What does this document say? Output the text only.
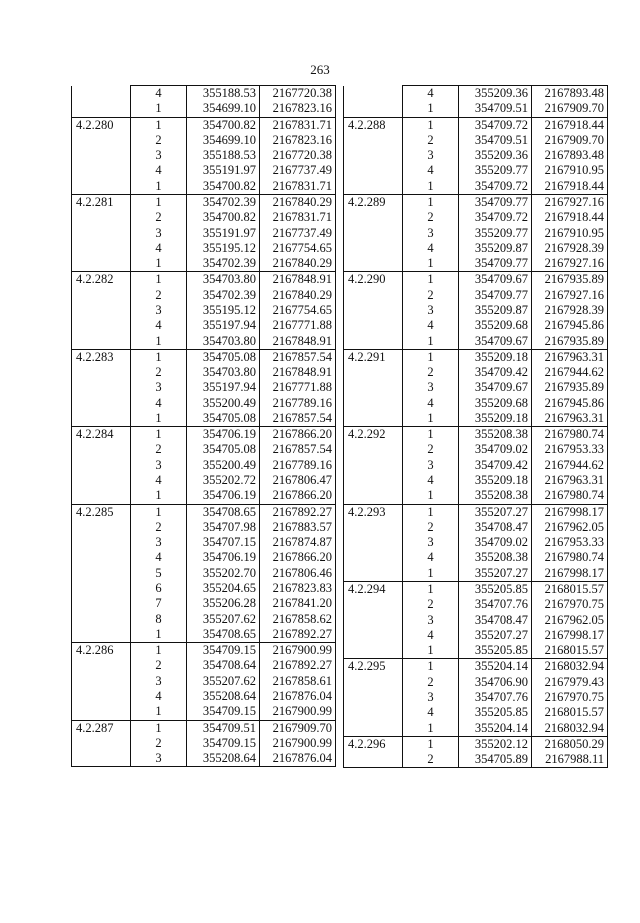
263
	4	355188.53	2167720.38
	1	354699.10	2167823.16
4.2.280	1	354700.82	2167831.71
	2	354699.10	2167823.16
	3	355188.53	2167720.38
	4	355191.97	2167737.49
	1	354700.82	2167831.71
4.2.281	1	354702.39	2167840.29
	2	354700.82	2167831.71
	3	355191.97	2167737.49
	4	355195.12	2167754.65
	1	354702.39	2167840.29
4.2.282	1	354703.80	2167848.91
	2	354702.39	2167840.29
	3	355195.12	2167754.65
	4	355197.94	2167771.88
	1	354703.80	2167848.91
4.2.283	1	354705.08	2167857.54
	2	354703.80	2167848.91
	3	355197.94	2167771.88
	4	355200.49	2167789.16
	1	354705.08	2167857.54
4.2.284	1	354706.19	2167866.20
	2	354705.08	2167857.54
	3	355200.49	2167789.16
	4	355202.72	2167806.47
	1	354706.19	2167866.20
4.2.285	1	354708.65	2167892.27
	2	354707.98	2167883.57
	3	354707.15	2167874.87
	4	354706.19	2167866.20
	5	355202.70	2167806.46
	6	355204.65	2167823.83
	7	355206.28	2167841.20
	8	355207.62	2167858.62
	1	354708.65	2167892.27
4.2.286	1	354709.15	2167900.99
	2	354708.64	2167892.27
	3	355207.62	2167858.61
	4	355208.64	2167876.04
	1	354709.15	2167900.99
4.2.287	1	354709.51	2167909.70
	2	354709.15	2167900.99
	3	355208.64	2167876.04
	4	355209.36	2167893.48
	1	354709.51	2167909.70
4.2.288	1	354709.72	2167918.44
	2	354709.51	2167909.70
	3	355209.36	2167893.48
	4	355209.77	2167910.95
	1	354709.72	2167918.44
4.2.289	1	354709.77	2167927.16
	2	354709.72	2167918.44
	3	355209.77	2167910.95
	4	355209.87	2167928.39
	1	354709.77	2167927.16
4.2.290	1	354709.67	2167935.89
	2	354709.77	2167927.16
	3	355209.87	2167928.39
	4	355209.68	2167945.86
	1	354709.67	2167935.89
4.2.291	1	355209.18	2167963.31
	2	354709.42	2167944.62
	3	354709.67	2167935.89
	4	355209.68	2167945.86
	1	355209.18	2167963.31
4.2.292	1	355208.38	2167980.74
	2	354709.02	2167953.33
	3	354709.42	2167944.62
	4	355209.18	2167963.31
	1	355208.38	2167980.74
4.2.293	1	355207.27	2167998.17
	2	354708.47	2167962.05
	3	354709.02	2167953.33
	4	355208.38	2167980.74
	1	355207.27	2167998.17
4.2.294	1	355205.85	2168015.57
	2	354707.76	2167970.75
	3	354708.47	2167962.05
	4	355207.27	2167998.17
	1	355205.85	2168015.57
4.2.295	1	355204.14	2168032.94
	2	354706.90	2167979.43
	3	354707.76	2167970.75
	4	355205.85	2168015.57
	1	355204.14	2168032.94
4.2.296	1	355202.12	2168050.29
	2	354705.89	2167988.11
